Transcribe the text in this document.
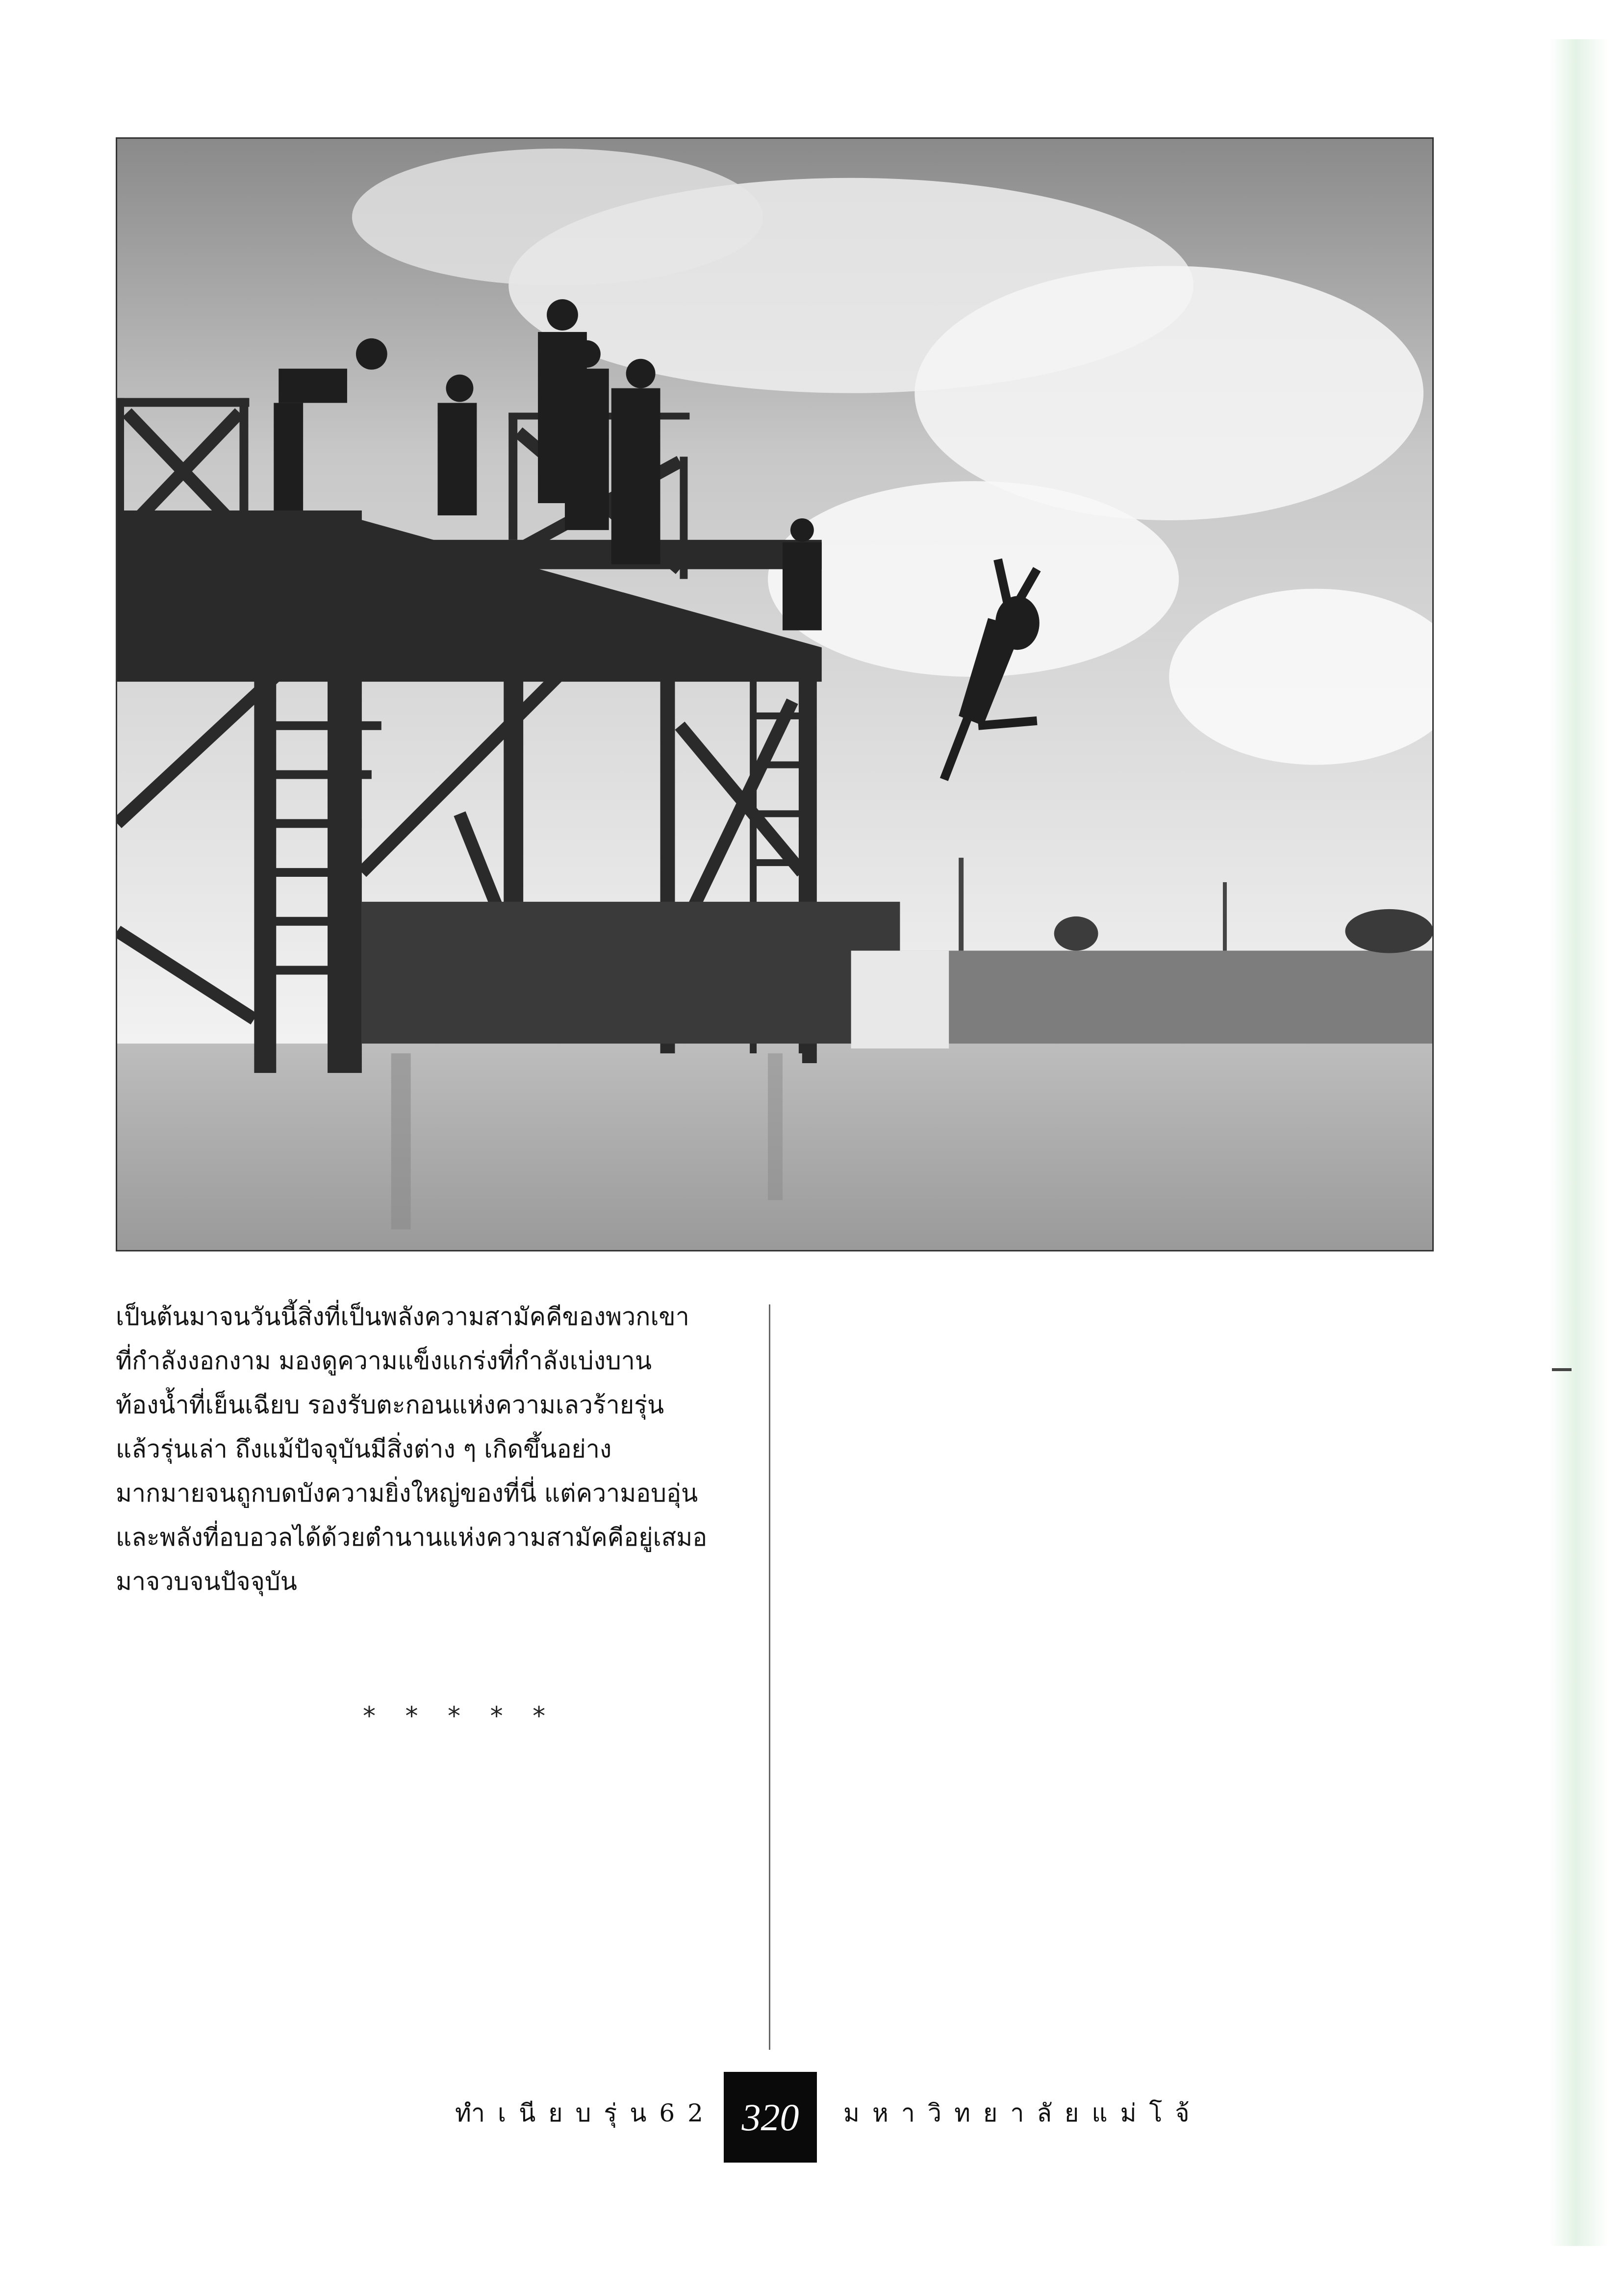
เป็นต้นมาจนวันนี้สิ่งที่เป็นพลังความสามัคคีของพวกเขา
ที่กำลังงอกงาม มองดูความแข็งแกร่งที่กำลังเบ่งบาน
ท้องน้ำที่เย็นเฉียบ รองรับตะกอนแห่งความเลวร้ายรุ่น
แล้วรุ่นเล่า ถึงแม้ปัจจุบันมีสิ่งต่าง ๆ เกิดขึ้นอย่าง
มากมายจนถูกบดบังความยิ่งใหญ่ของที่นี่ แต่ความอบอุ่น
และพลังที่อบอวลได้ด้วยตำนานแห่งความสามัคคีอยู่เสมอ
มาจวบจนปัจจุบัน
* * * * *
ทำเนียบรุ่น62 320	มหาวิทยาลัยแม่โจ้
